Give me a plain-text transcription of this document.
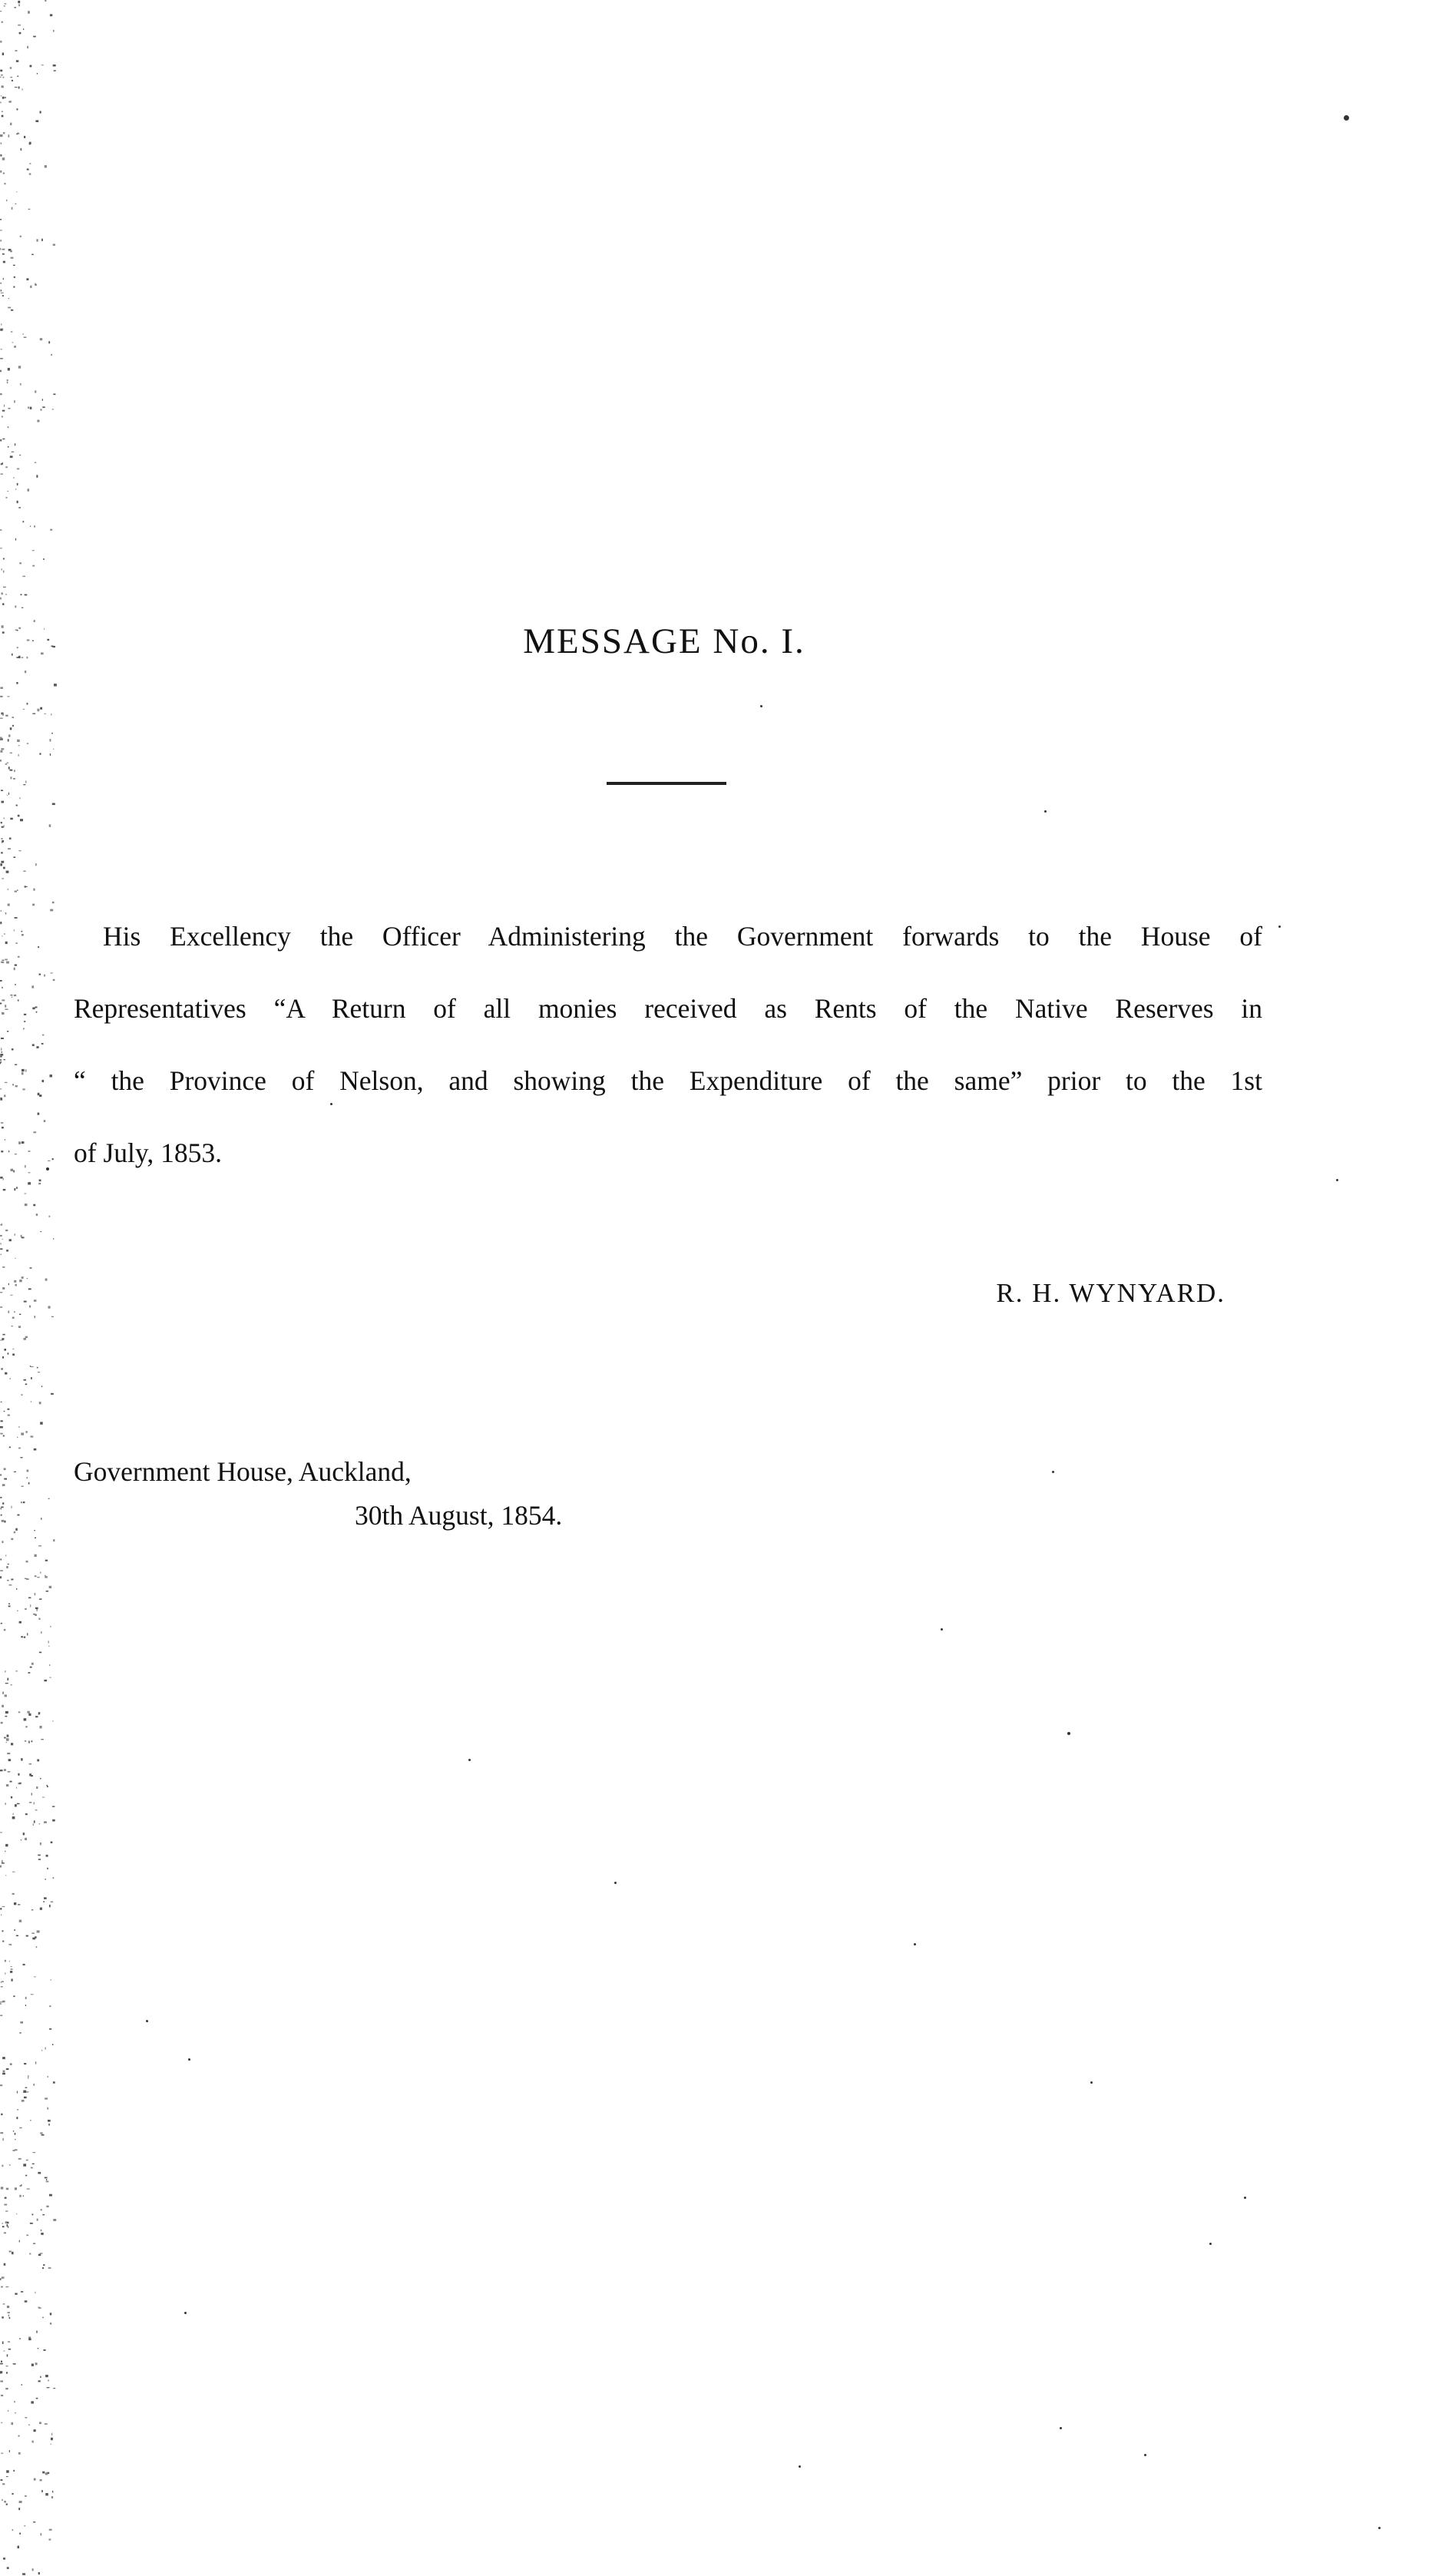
MESSAGE No. I.
His Excellency the Officer Administering the Government forwards to the House of
Representatives “A Return of all monies received as Rents of the Native Reserves in
“ the Province of Nelson, and showing the Expenditure of the same” prior to the 1st
of July, 1853.
R. H. WYNYARD.
Government House, Auckland,
30th August, 1854.
